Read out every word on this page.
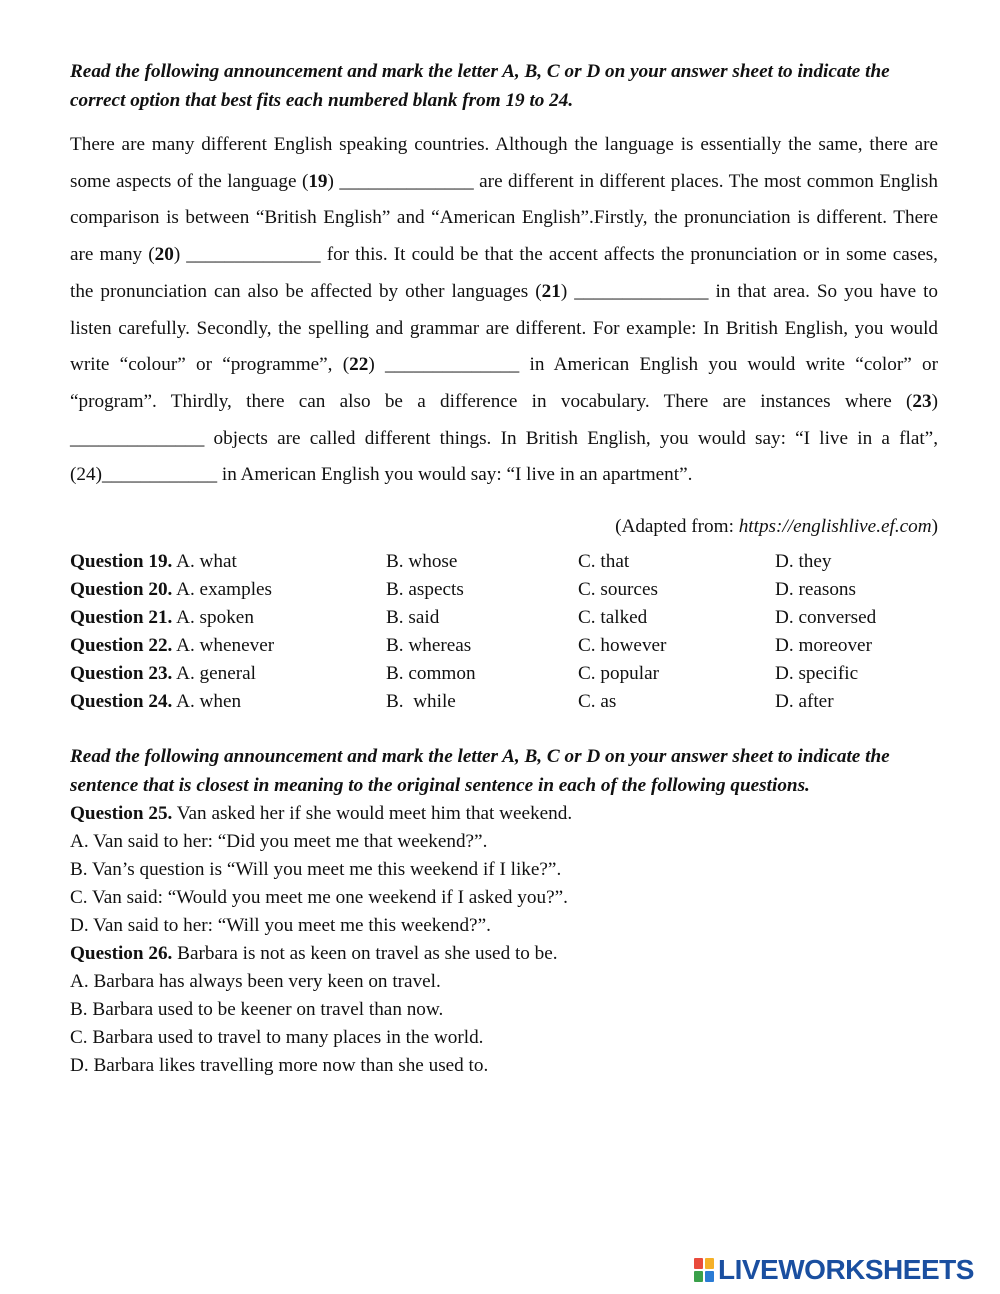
Read the following announcement and mark the letter A, B, C or D on your answer sheet to indicate the correct option that best fits each numbered blank from 19 to 24.

There are many different English speaking countries. Although the language is essentially the same, there are some aspects of the language (19) ______________ are different in different places. The most common English comparison is between “British English” and “American English”.Firstly, the pronunciation is different. There are many (20) ______________ for this. It could be that the accent affects the pronunciation or in some cases, the pronunciation can also be affected by other languages (21) ______________ in that area. So you have to listen carefully. Secondly, the spelling and grammar are different. For example: In British English, you would write “colour” or “programme”, (22) ______________ in American English you would write “color” or “program”. Thirdly, there can also be a difference in vocabulary. There are instances where (23) ______________ objects are called different things. In British English, you would say: “I live in a flat”, (24)____________ in American English you would say: “I live in an apartment”.

(Adapted from: https://englishlive.ef.com)

Question 19. A. what	B. whose	C. that	D. they
Question 20. A. examples	B. aspects	C. sources	D. reasons
Question 21. A. spoken	B. said	C. talked	D. conversed
Question 22. A. whenever	B. whereas	C. however	D. moreover
Question 23. A. general	B. common	C. popular	D. specific
Question 24. A. when	B.  while	C. as	D. after

Read the following announcement and mark the letter A, B, C or D on your answer sheet to indicate the sentence that is closest in meaning to the original sentence in each of the following questions.

Question 25. Van asked her if she would meet him that weekend.

A. Van said to her: “Did you meet me that weekend?”.

B. Van’s question is “Will you meet me this weekend if I like?”.

C. Van said: “Would you meet me one weekend if I asked you?”.

D. Van said to her: “Will you meet me this weekend?”.

Question 26. Barbara is not as keen on travel as she used to be.

A. Barbara has always been very keen on travel.

B. Barbara used to be keener on travel than now.

C. Barbara used to travel to many places in the world.

D. Barbara likes travelling more now than she used to.

LIVEWORKSHEETS
